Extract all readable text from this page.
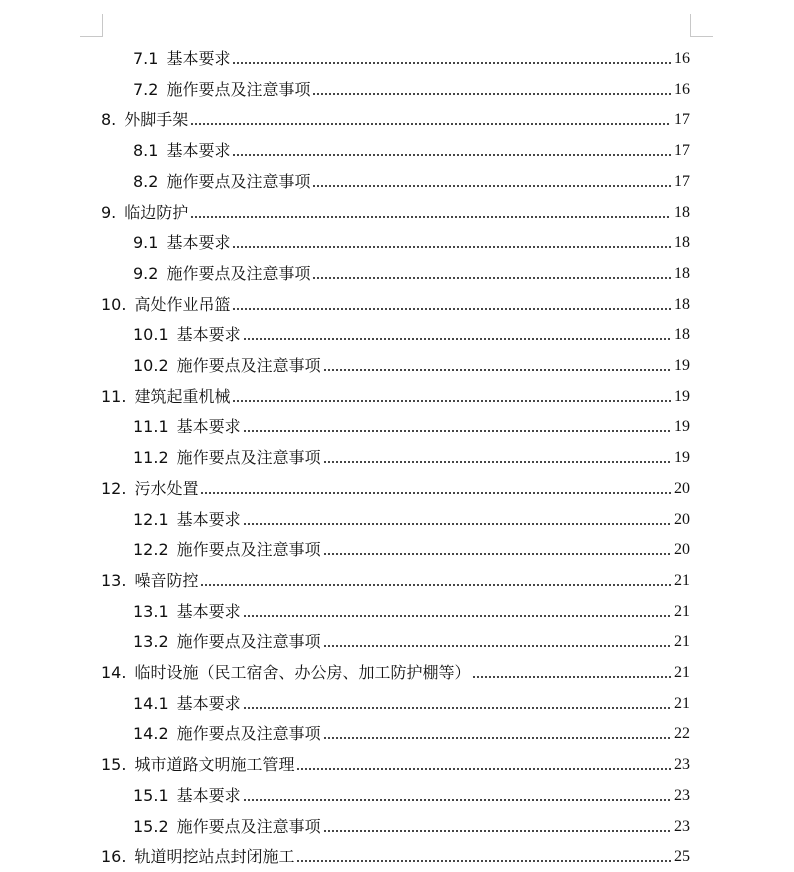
7.1 基本要求	16
7.2 施作要点及注意事项	16
8. 外脚手架	17
8.1 基本要求	17
8.2 施作要点及注意事项	17
9. 临边防护	18
9.1 基本要求	18
9.2 施作要点及注意事项	18
10. 高处作业吊篮	18
10.1 基本要求	18
10.2 施作要点及注意事项	19
11. 建筑起重机械	19
11.1 基本要求	19
11.2 施作要点及注意事项	19
12. 污水处置	20
12.1 基本要求	20
12.2 施作要点及注意事项	20
13. 噪音防控	21
13.1 基本要求	21
13.2 施作要点及注意事项	21
14. 临时设施（民工宿舍、办公房、加工防护棚等）	21
14.1 基本要求	21
14.2 施作要点及注意事项	22
15. 城市道路文明施工管理	23
15.1 基本要求	23
15.2 施作要点及注意事项	23
16. 轨道明挖站点封闭施工	25
